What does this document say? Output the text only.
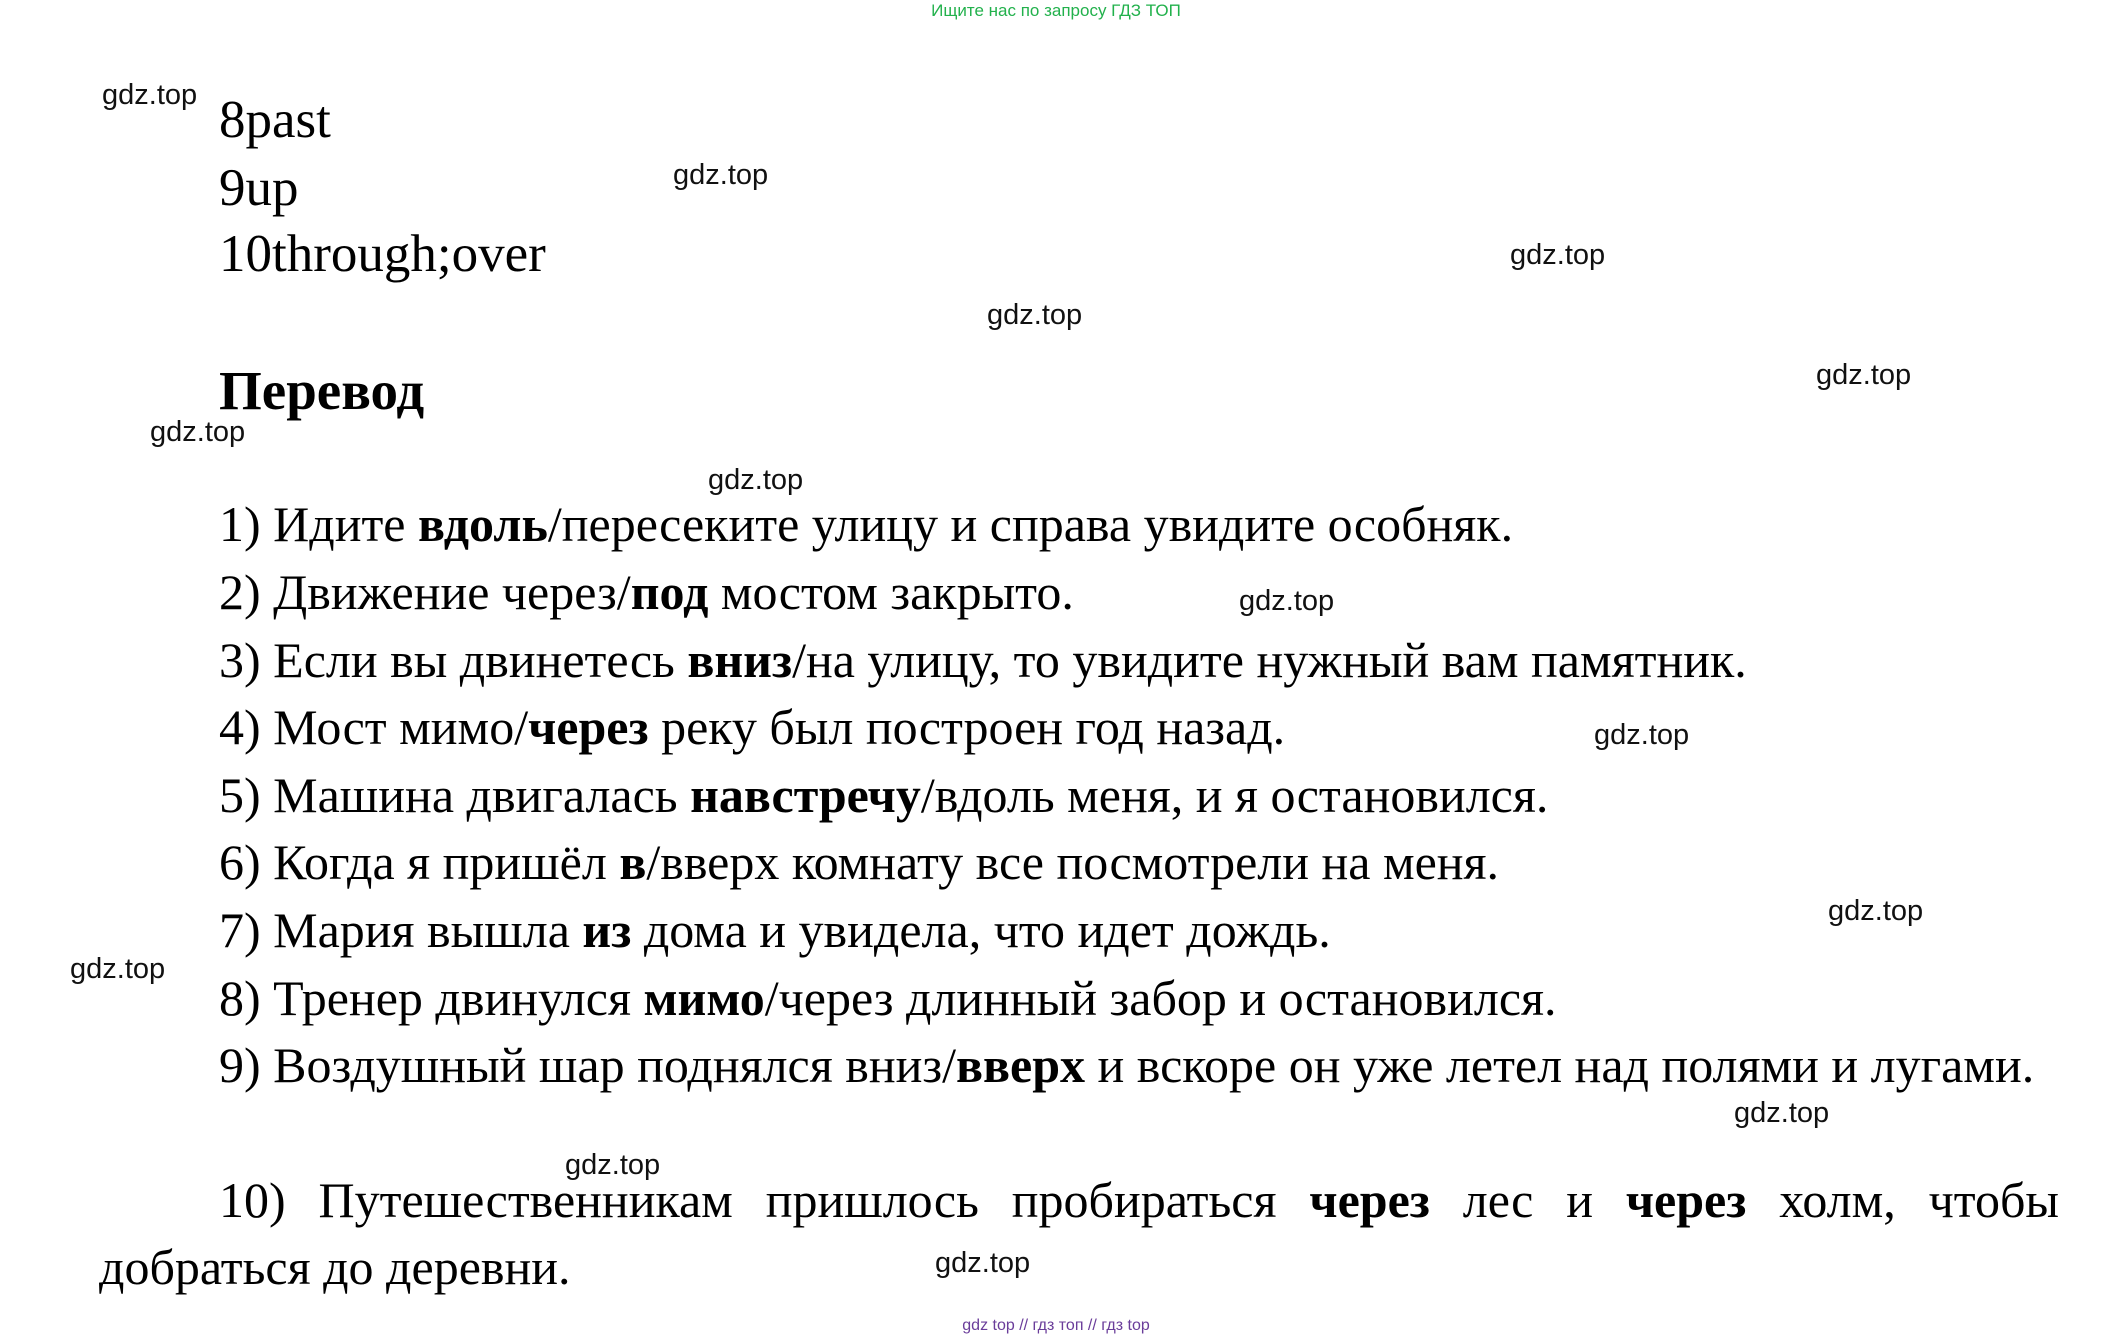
Ищите нас по запросу ГДЗ ТОП
8past
9up
10through;over
Перевод
1) Идите вдоль/пересеките улицу и справа увидите особняк.
2) Движение через/под мостом закрыто.
3) Если вы двинетесь вниз/на улицу, то увидите нужный вам памятник.
4) Мост мимо/через реку был построен год назад.
5) Машина двигалась навстречу/вдоль меня, и я остановился.
6) Когда я пришёл в/вверх комнату все посмотрели на меня.
7) Мария вышла из дома и увидела, что идет дождь.
8) Тренер двинулся мимо/через длинный забор и остановился.
9) Воздушный шар поднялся вниз/вверх и вскоре он уже летел над полями и лугами.
10) Путешественникам пришлось пробираться через лес и через холм, чтобы добраться до деревни.
gdz.top
gdz.top
gdz.top
gdz.top
gdz.top
gdz.top
gdz.top
gdz.top
gdz.top
gdz.top
gdz.top
gdz.top
gdz.top
gdz.top
gdz top // гдз топ // гдз top
